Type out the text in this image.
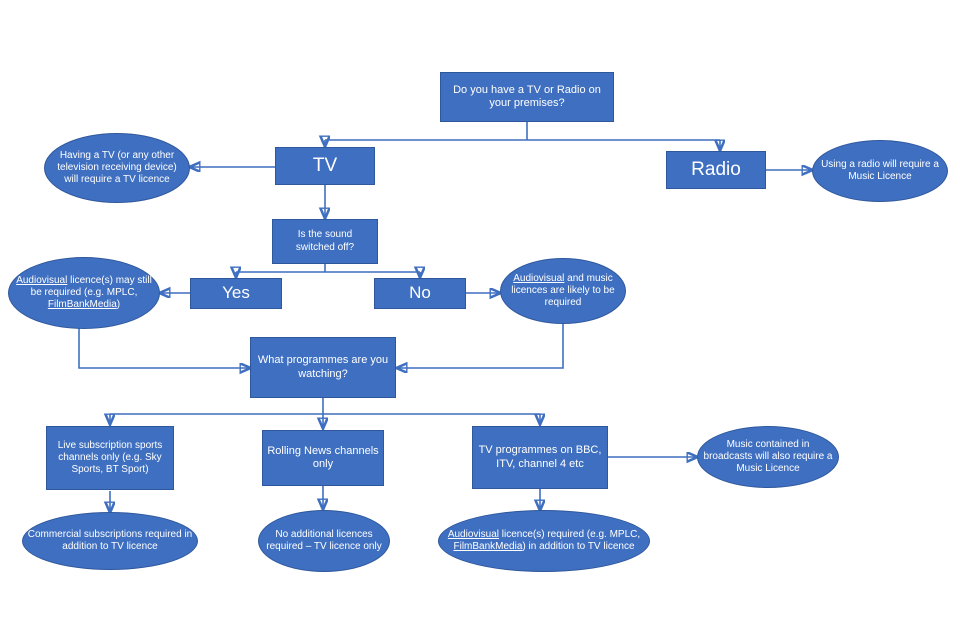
Do you have a TV or Radio on your premises?
TV	Radio
Having a TV (or any other television receiving device) will require a TV licence
Using a radio will require a Music Licence
Is the sound switched off?
Yes	No
Audiovisual licence(s) may still be required (e.g. MPLC, FilmBankMedia)
Audiovisual and music licences are likely to be required
What programmes are you watching?
Live subscription sports channels only (e.g. Sky Sports, BT Sport)
Rolling News channels only
TV programmes on BBC, ITV, channel 4 etc
Music contained in broadcasts will also require a Music Licence
Commercial subscriptions required in addition to TV licence
No additional licences required – TV licence only
Audiovisual licence(s) required (e.g. MPLC, FilmBankMedia) in addition to TV licence
